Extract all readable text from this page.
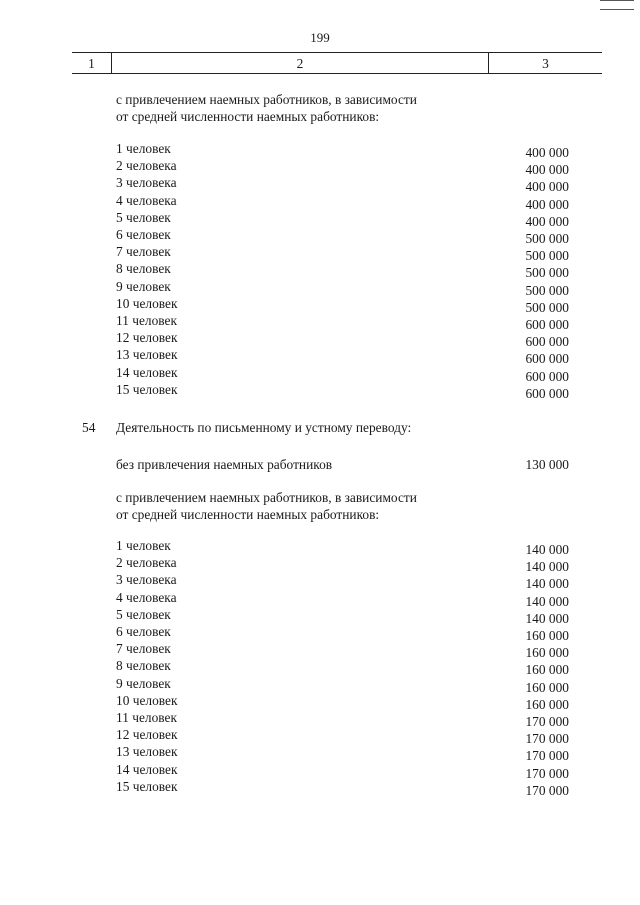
199
1	2	3
с привлечением наемных работников, в зависимости
от средней численности наемных работников:
1 человек	400 000
2 человека	400 000
3 человека	400 000
4 человека	400 000
5 человек	400 000
6 человек	500 000
7 человек	500 000
8 человек	500 000
9 человек	500 000
10 человек	500 000
11 человек	600 000
12 человек	600 000
13 человек	600 000
14 человек	600 000
15 человек	600 000
54 Деятельность по письменному и устному переводу:
без привлечения наемных работников	130 000
с привлечением наемных работников, в зависимости
от средней численности наемных работников:
1 человек	140 000
2 человека	140 000
3 человека	140 000
4 человека	140 000
5 человек	140 000
6 человек	160 000
7 человек	160 000
8 человек	160 000
9 человек	160 000
10 человек	160 000
11 человек	170 000
12 человек	170 000
13 человек	170 000
14 человек	170 000
15 человек	170 000
